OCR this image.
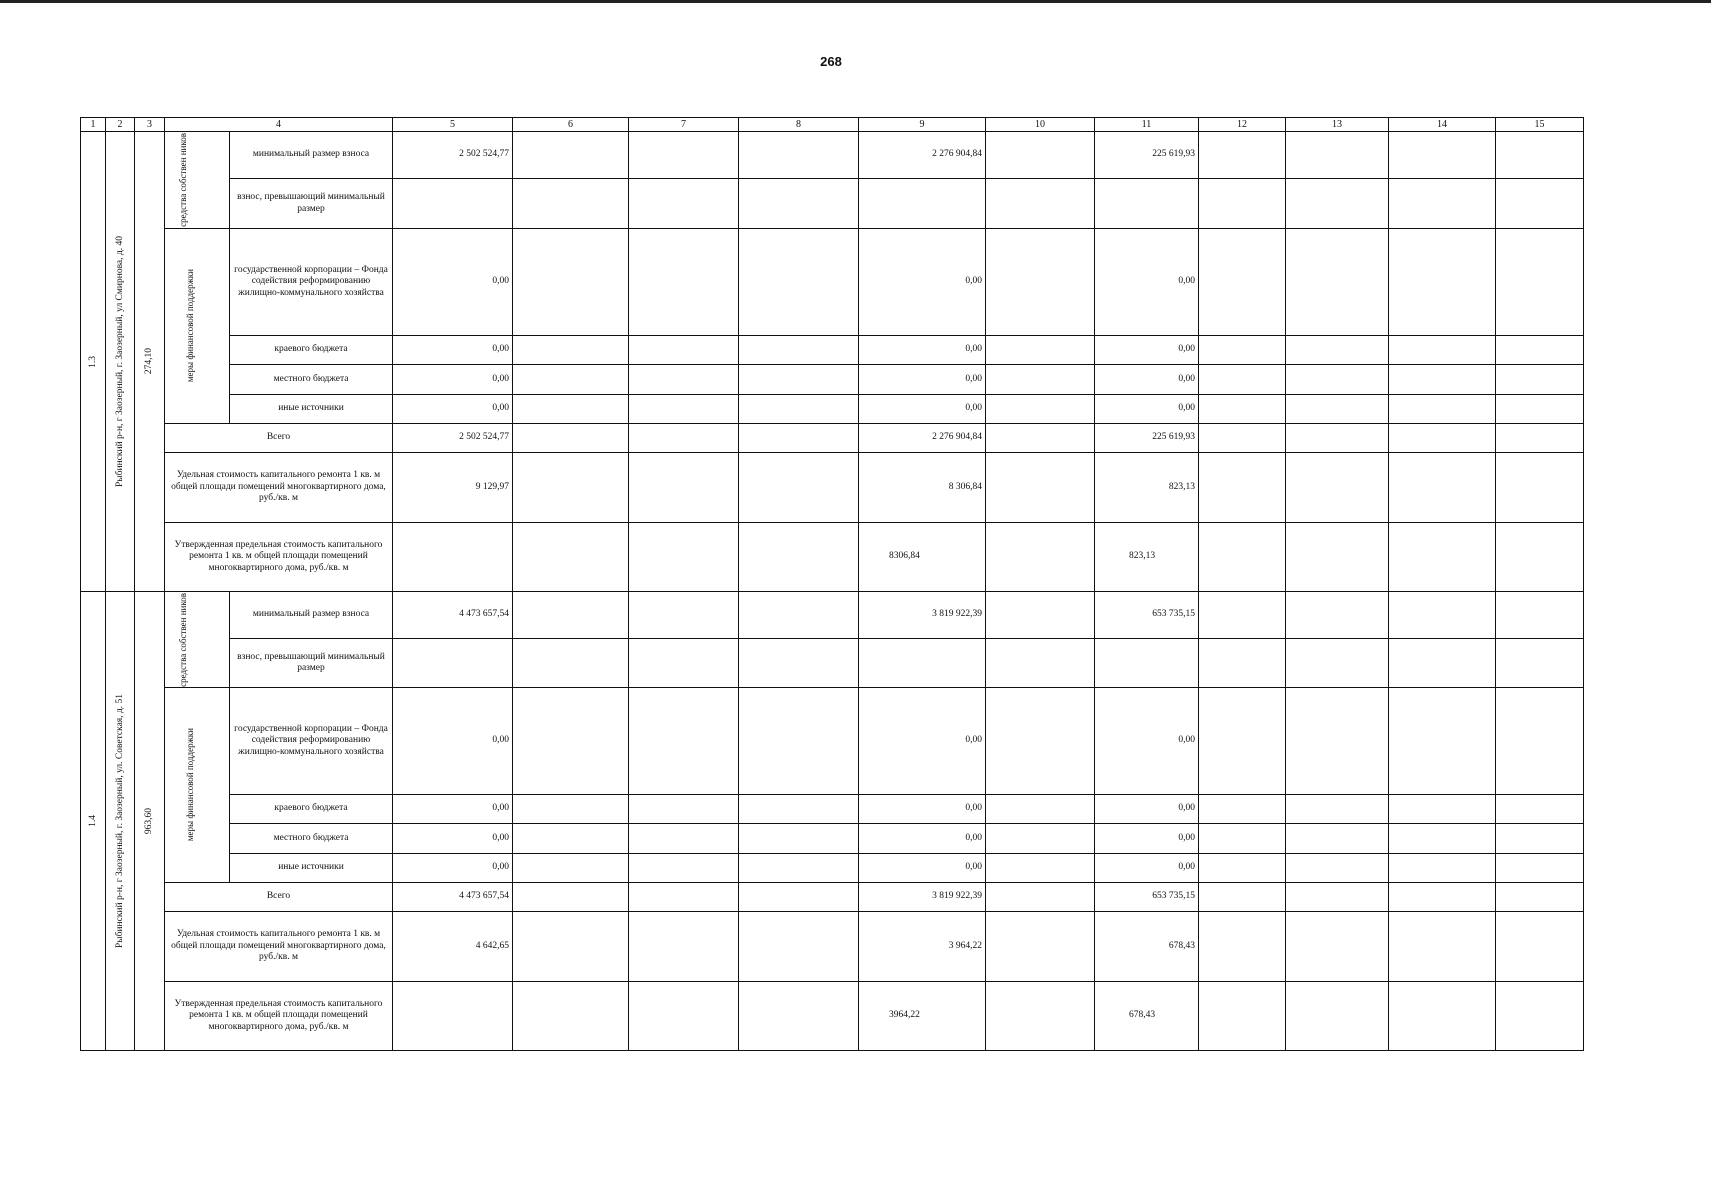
268
1	2	3	4		5	6	7	8	9	10	11	12	13	14	15

1.3	Рыбинский р-н, г Заозерный, г. Заозерный, ул Смирнова, д. 40	274,10	средства собствен ников	минимальный размер взноса	2 502 524,77				2 276 904,84		225 619,93				
				взнос, превышающий минимальный размер											

			меры финансовой поддержки	государственной корпорации – Фонда содействия реформированию жилищно-коммунального хозяйства	0,00				0,00		0,00				
				краевого бюджета	0,00				0,00		0,00				
				местного бюджета	0,00				0,00		0,00				
				иные источники	0,00				0,00		0,00				
			Всего		2 502 524,77				2 276 904,84		225 619,93				
			Удельная стоимость капитального ремонта 1 кв. м общей площади помещений многоквартирного дома, руб./кв. м		9 129,97				8 306,84		823,13				
			Утвержденная предельная стоимость капитального ремонта 1 кв. м общей площади помещений многоквартирного дома, руб./кв. м						8306,84		823,13				

1.4	Рыбинский р-н, г Заозерный, г. Заозерный, ул. Советская, д. 51	963,60	средства собствен ников	минимальный размер взноса	4 473 657,54				3 819 922,39		653 735,15				
				взнос, превышающий минимальный размер											

			меры финансовой поддержки	государственной корпорации – Фонда содействия реформированию жилищно-коммунального хозяйства	0,00				0,00		0,00				
				краевого бюджета	0,00				0,00		0,00				
				местного бюджета	0,00				0,00		0,00				
				иные источники	0,00				0,00		0,00				
			Всего		4 473 657,54				3 819 922,39		653 735,15				
			Удельная стоимость капитального ремонта 1 кв. м общей площади помещений многоквартирного дома, руб./кв. м		4 642,65				3 964,22		678,43				
			Утвержденная предельная стоимость капитального ремонта 1 кв. м общей площади помещений многоквартирного дома, руб./кв. м						3964,22		678,43				
